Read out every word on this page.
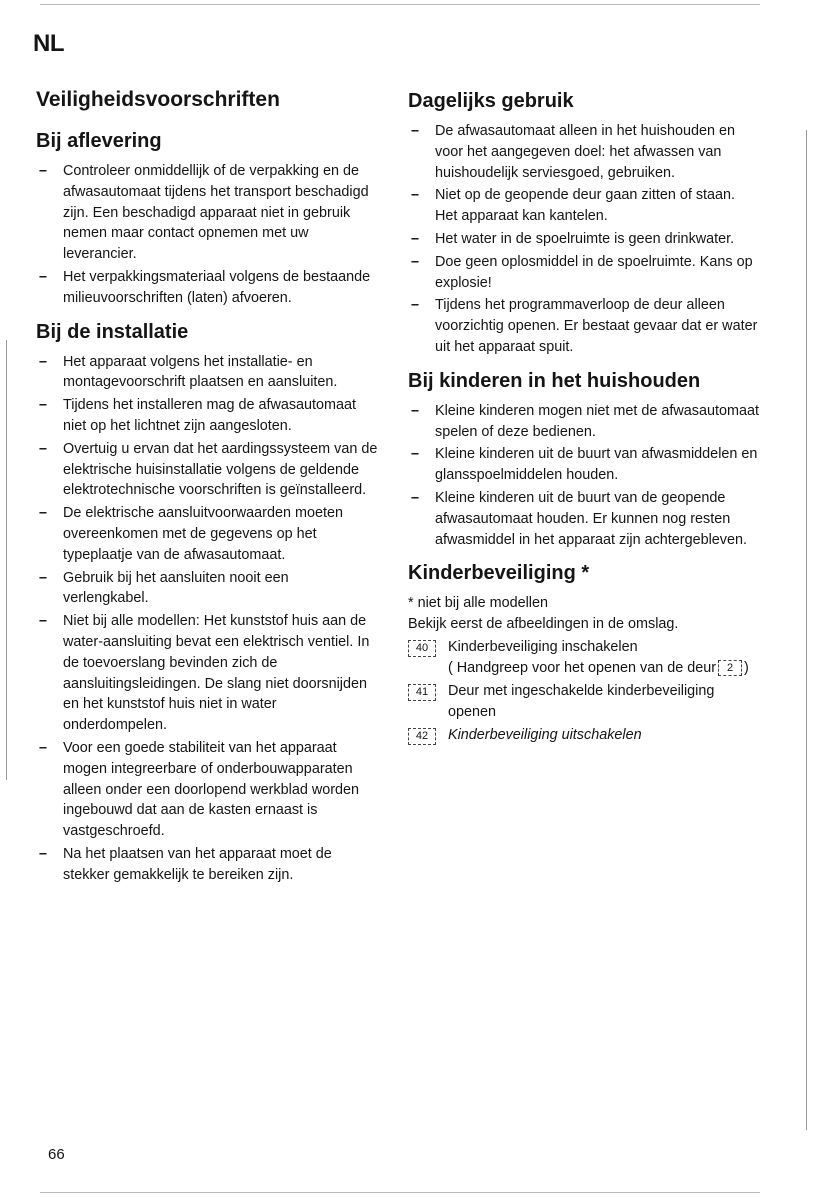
NL
Veiligheidsvoorschriften
Bij aflevering
– Controleer onmiddellijk of de verpakking en de afwasautomaat tijdens het transport beschadigd zijn. Een beschadigd apparaat niet in gebruik nemen maar contact opnemen met uw leverancier.
– Het verpakkingsmateriaal volgens de bestaande milieuvoorschriften (laten) afvoeren.
Bij de installatie
– Het apparaat volgens het installatie- en montagevoorschrift plaatsen en aansluiten.
– Tijdens het installeren mag de afwasautomaat niet op het lichtnet zijn aangesloten.
– Overtuig u ervan dat het aardingssysteem van de elektrische huisinstallatie volgens de geldende elektrotechnische voorschriften is geïnstalleerd.
– De elektrische aansluitvoorwaarden moeten overeenkomen met de gegevens op het typeplaatje van de afwasautomaat.
– Gebruik bij het aansluiten nooit een verlengkabel.
– Niet bij alle modellen: Het kunststof huis aan de water-aansluiting bevat een elektrisch ventiel. In de toevoerslang bevinden zich de aansluitingsleidingen. De slang niet doorsnijden en het kunststof huis niet in water onderdompelen.
– Voor een goede stabiliteit van het apparaat mogen integreerbare of onderbouwapparaten alleen onder een doorlopend werkblad worden ingebouwd dat aan de kasten ernaast is vastgeschroefd.
– Na het plaatsen van het apparaat moet de stekker gemakkelijk te bereiken zijn.
Dagelijks gebruik
– De afwasautomaat alleen in het huishouden en voor het aangegeven doel: het afwassen van huishoudelijk serviesgoed, gebruiken.
– Niet op de geopende deur gaan zitten of staan. Het apparaat kan kantelen.
– Het water in de spoelruimte is geen drinkwater.
– Doe geen oplosmiddel in de spoelruimte. Kans op explosie!
– Tijdens het programmaverloop de deur alleen voorzichtig openen. Er bestaat gevaar dat er water uit het apparaat spuit.
Bij kinderen in het huishouden
– Kleine kinderen mogen niet met de afwasautomaat spelen of deze bedienen.
– Kleine kinderen uit de buurt van afwasmiddelen en glansspoelmiddelen houden.
– Kleine kinderen uit de buurt van de geopende afwasautomaat houden. Er kunnen nog resten afwasmiddel in het apparaat zijn achtergebleven.
Kinderbeveiliging *

* niet bij alle modellen

Bekijk eerst de afbeeldingen in de omslag.

40	Kinderbeveiliging inschakelen
( Handgreep voor het openen van de deur 2 )
41	Deur met ingeschakelde kinderbeveiliging openen
42	Kinderbeveiliging uitschakelen
66
